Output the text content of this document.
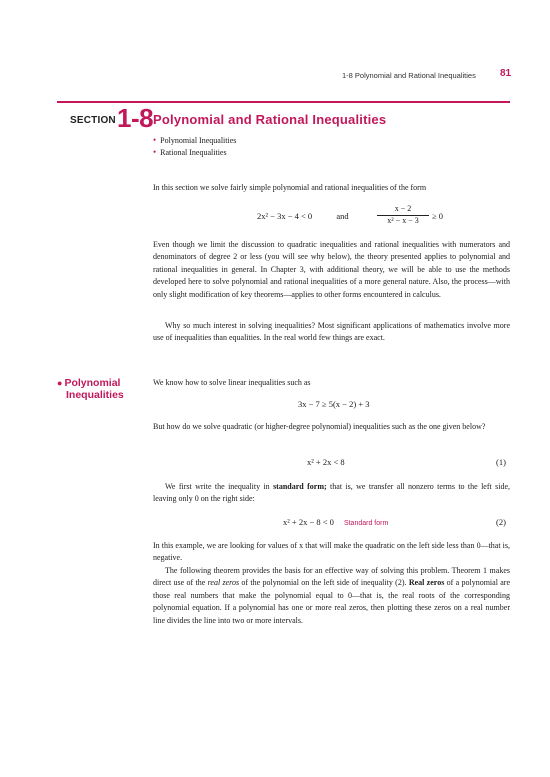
1-8 Polynomial and Rational Inequalities 81
SECTION 1-8 Polynomial and Rational Inequalities
• Polynomial Inequalities
• Rational Inequalities

In this section we solve fairly simple polynomial and rational inequalities of the form

2x² − 3x − 4 < 0	and	$\frac{x - 2}{\text{x² − x − 3}} \ge 0$

Even though we limit the discussion to quadratic inequalities and rational inequalities with numerators and denominators of degree 2 or less (you will see why below), the theory presented applies to polynomial and rational inequalities in general. In Chapter 3, with additional theory, we will be able to use the methods developed here to solve polynomial and rational inequalities of a more general nature. Also, the process—with only slight modification of key theorems—applies to other forms encountered in calculus.

Why so much interest in solving inequalities? Most significant applications of mathematics involve more use of inequalities than equalities. In the real world few things are exact.

● Polynomial
Inequalities

We know how to solve linear inequalities such as

3x − 7 ≥ 5(x − 2) + 3

But how do we solve quadratic (or higher-degree polynomial) inequalities such as the one given below?

x² + 2x < 8	(1)

We first write the inequality in standard form; that is, we transfer all nonzero terms to the left side, leaving only 0 on the right side:

x² + 2x − 8 < 0 Standard form	(2)

In this example, we are looking for values of x that will make the quadratic on the left side less than 0—that is, negative.

The following theorem provides the basis for an effective way of solving this problem. Theorem 1 makes direct use of the real zeros of the polynomial on the left side of inequality (2). Real zeros of a polynomial are those real numbers that make the polynomial equal to 0—that is, the real roots of the corresponding polynomial equation. If a polynomial has one or more real zeros, then plotting these zeros on a real number line divides the line into two or more intervals.
